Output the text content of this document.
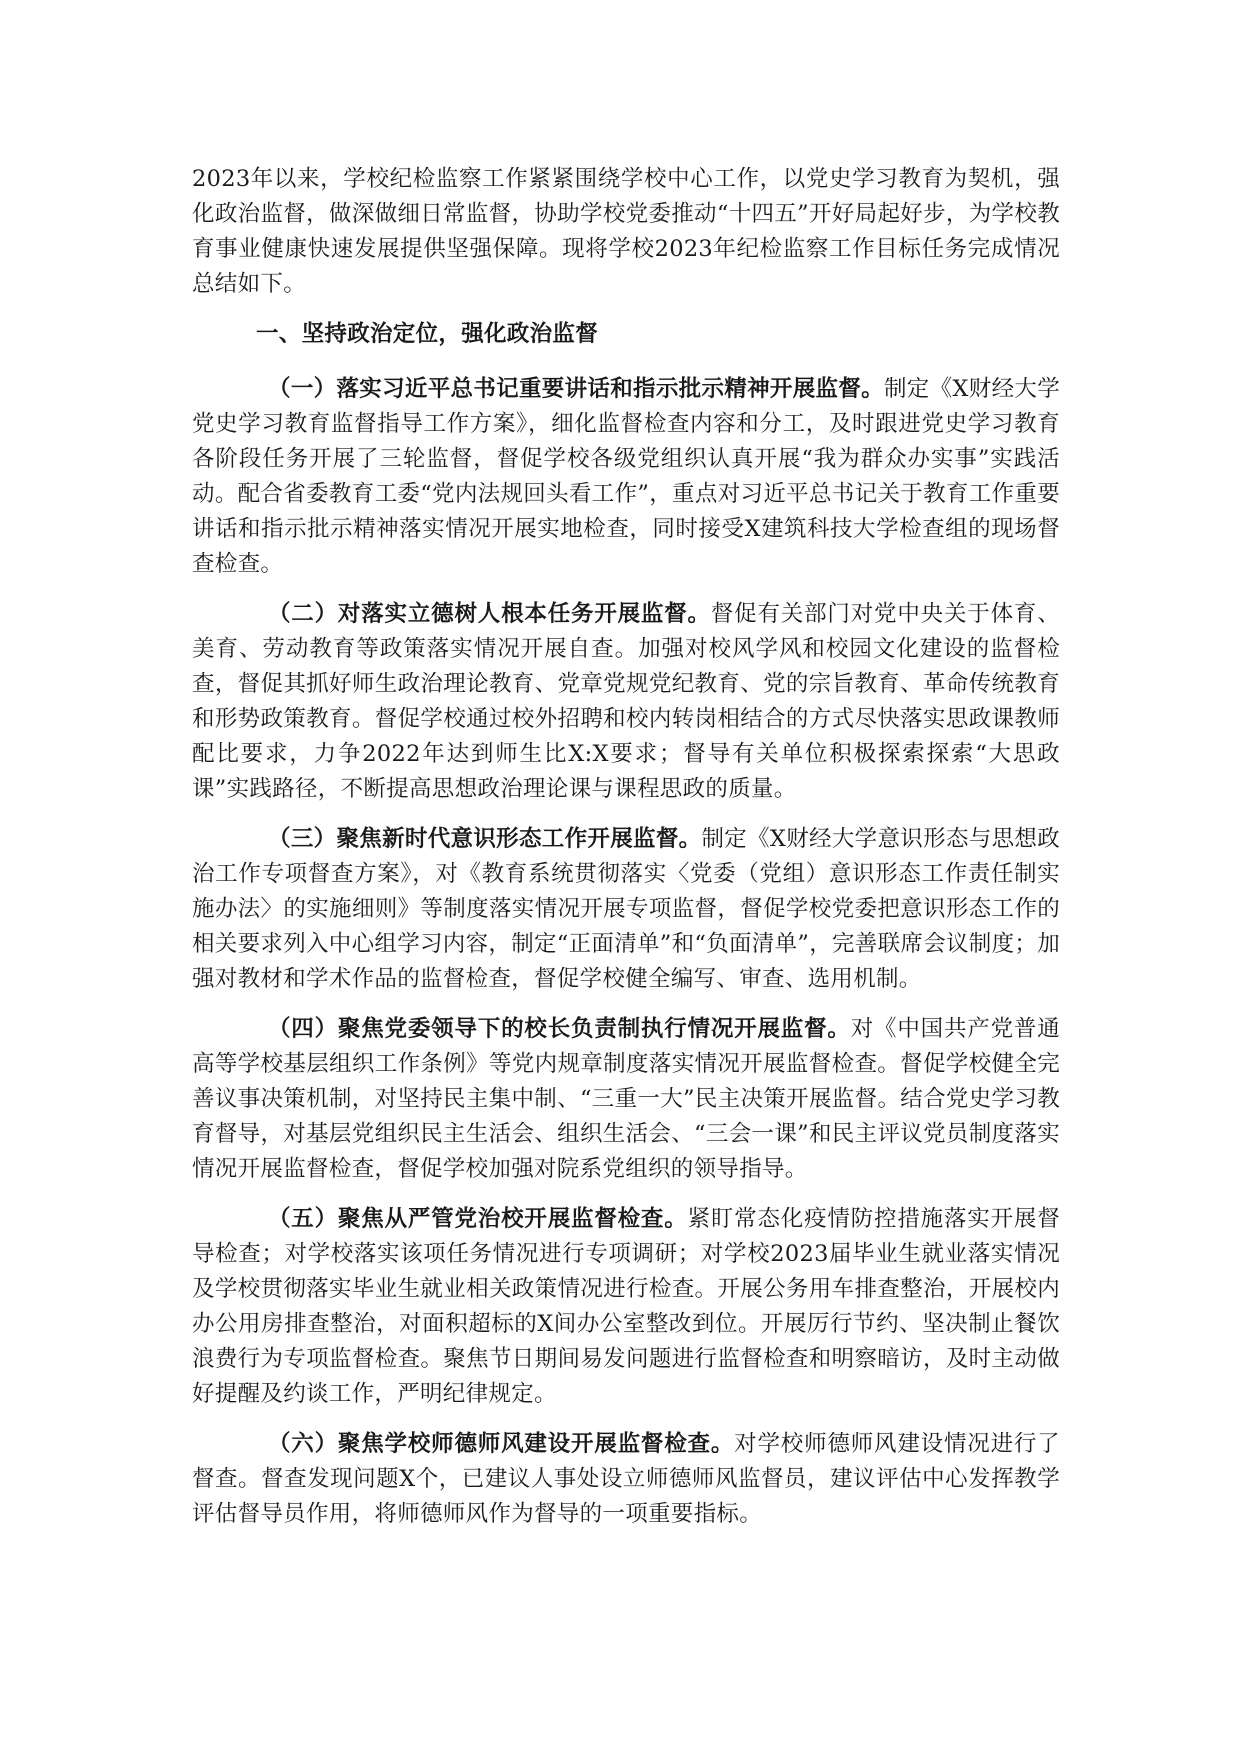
2023年以来，学校纪检监察工作紧紧围绕学校中心工作，以党史学习教育为契机，强化政治监督，做深做细日常监督，协助学校党委推动“十四五”开好局起好步，为学校教育事业健康快速发展提供坚强保障。现将学校2023年纪检监察工作目标任务完成情况总结如下。

一、坚持政治定位，强化政治监督

（一）落实习近平总书记重要讲话和指示批示精神开展监督。制定《X财经大学党史学习教育监督指导工作方案》，细化监督检查内容和分工，及时跟进党史学习教育各阶段任务开展了三轮监督，督促学校各级党组织认真开展“我为群众办实事”实践活动。配合省委教育工委“党内法规回头看工作”，重点对习近平总书记关于教育工作重要讲话和指示批示精神落实情况开展实地检查，同时接受X建筑科技大学检查组的现场督查检查。

（二）对落实立德树人根本任务开展监督。督促有关部门对党中央关于体育、美育、劳动教育等政策落实情况开展自查。加强对校风学风和校园文化建设的监督检查，督促其抓好师生政治理论教育、党章党规党纪教育、党的宗旨教育、革命传统教育和形势政策教育。督促学校通过校外招聘和校内转岗相结合的方式尽快落实思政课教师配比要求，力争2022年达到师生比X:X要求；督导有关单位积极探索探索“大思政课”实践路径，不断提高思想政治理论课与课程思政的质量。

（三）聚焦新时代意识形态工作开展监督。制定《X财经大学意识形态与思想政治工作专项督查方案》，对《教育系统贯彻落实〈党委（党组）意识形态工作责任制实施办法〉的实施细则》等制度落实情况开展专项监督，督促学校党委把意识形态工作的相关要求列入中心组学习内容，制定“正面清单”和“负面清单”，完善联席会议制度；加强对教材和学术作品的监督检查，督促学校健全编写、审查、选用机制。

（四）聚焦党委领导下的校长负责制执行情况开展监督。对《中国共产党普通高等学校基层组织工作条例》等党内规章制度落实情况开展监督检查。督促学校健全完善议事决策机制，对坚持民主集中制、“三重一大”民主决策开展监督。结合党史学习教育督导，对基层党组织民主生活会、组织生活会、“三会一课”和民主评议党员制度落实情况开展监督检查，督促学校加强对院系党组织的领导指导。

（五）聚焦从严管党治校开展监督检查。紧盯常态化疫情防控措施落实开展督导检查；对学校落实该项任务情况进行专项调研；对学校2023届毕业生就业落实情况及学校贯彻落实毕业生就业相关政策情况进行检查。开展公务用车排查整治，开展校内办公用房排查整治，对面积超标的X间办公室整改到位。开展厉行节约、坚决制止餐饮浪费行为专项监督检查。聚焦节日期间易发问题进行监督检查和明察暗访，及时主动做好提醒及约谈工作，严明纪律规定。

（六）聚焦学校师德师风建设开展监督检查。对学校师德师风建设情况进行了督查。督查发现问题X个，已建议人事处设立师德师风监督员，建议评估中心发挥教学评估督导员作用，将师德师风作为督导的一项重要指标。
